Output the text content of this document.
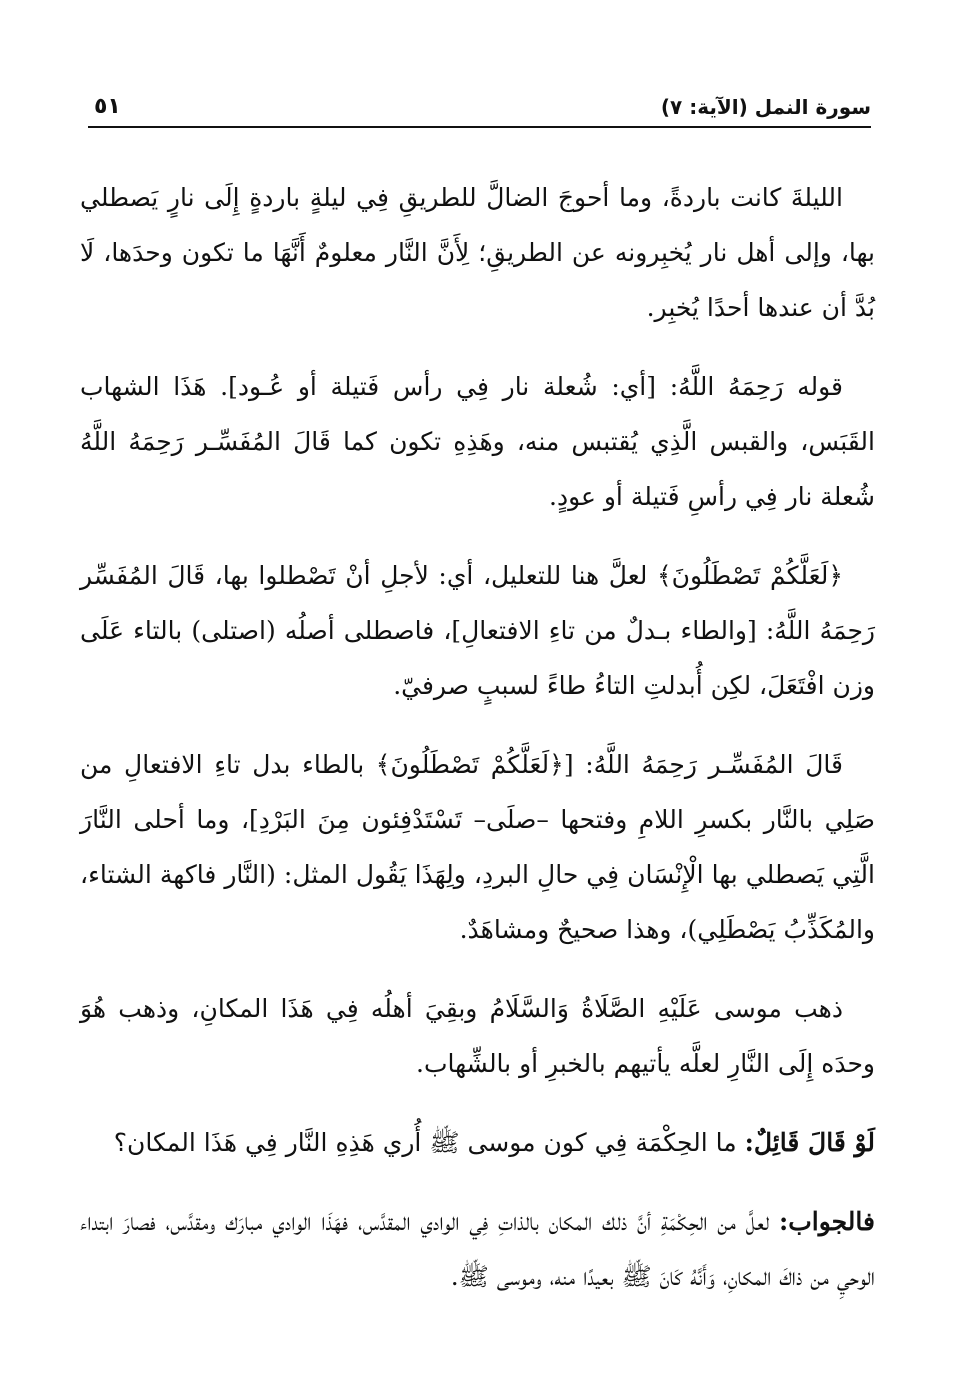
٥١	سورة النمل (الآية: ٧)

الليلةَ كانت باردةً، وما أحوجَ الضالَّ للطريقِ فِي ليلةٍ باردةٍ إِلَى نارٍ يَصطلي بها، وإلى أهل نار يُخبِرونه عن الطريقِ؛ لِأَنَّ النَّار معلومٌ أَنَّهَا ما تكون وحدَها، لَا بُدَّ أن عندها أحدًا يُخبِر.

قوله رَحِمَهُ اللَّهُ: [أي: شُعلة نار فِي رأس فَتيلة أو عُـود]. هَذَا الشهاب القَبَس، والقبس الَّذِي يُقتبس منه، وهَذِهِ تكون كما قَالَ المُفَسِّـر رَحِمَهُ اللَّهُ شُعلة نار فِي رأسِ فَتيلة أو عودٍ.

﴿لَعَلَّكُمْ تَصْطَلُونَ﴾ لعلَّ هنا للتعليل، أي: لأجلِ أنْ تَصْطلوا بها، قَالَ المُفَسِّر رَحِمَهُ اللَّهُ: [والطاء بـدلٌ من تاءِ الافتعالِ]، فاصطلى أصلُه (اصتلى) بالتاء عَلَى وزن افْتَعَلَ، لكِن أُبدلتِ التاءُ طاءً لسببٍ صرفيّ.

قَالَ المُفَسِّـر رَحِمَهُ اللَّهُ: [﴿لَعَلَّكُمْ تَصْطَلُونَ﴾ بالطاء بدل تاءِ الافتعالِ من صَلِي بالنَّار بكسرِ اللامِ وفتحها –صلَى– تَسْتَدْفِئون مِنَ البَرْدِ]، وما أحلى النَّارَ الَّتِي يَصطلي بها الْإِنْسَان فِي حالِ البردِ، ولِهَذَا يَقُول المثل: (النَّار فاكهة الشتاء، والمُكَذِّبُ يَصْطَلِي)، وهذا صحيحٌ ومشاهَدٌ.

ذهب موسى عَلَيْهِ الصَّلَاةُ وَالسَّلَامُ وبقِيَ أهلُه فِي هَذَا المكانِ، وذهب هُوَ وحدَه إِلَى النَّارِ لعلَّه يأتيهم بالخبرِ أو بالشِّهاب.

لَوْ قَالَ قَائِلٌ: ما الحِكْمَة فِي كون موسى ﷺ أُري هَذِهِ النَّار فِي هَذَا المكان؟

فالجواب: لعلَّ من الحِكْمَةِ أنَّ ذلك المكان بالذاتِ فِي الوادي المقدَّس، فهَذَا الوادي مبارَك ومقدَّس، فصارَ ابتداء الوحيِ من ذاكَ المكانِ، وَأَنَّهُ كَانَ ﷺ بعيدًا منه، وموسى ﷺ.
